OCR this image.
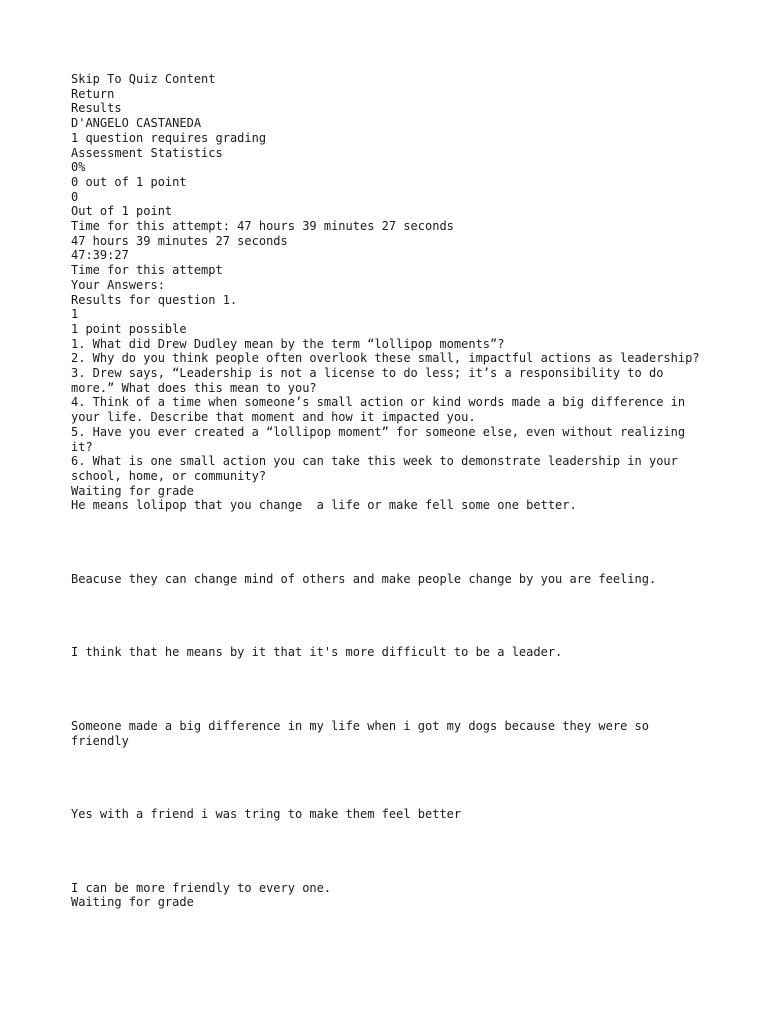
Skip To Quiz Content
Return
Results
D'ANGELO CASTANEDA
1 question requires grading
Assessment Statistics
0%
0 out of 1 point
0
Out of 1 point
Time for this attempt: 47 hours 39 minutes 27 seconds
47 hours 39 minutes 27 seconds
47:39:27
Time for this attempt
Your Answers:
Results for question 1.
1
1 point possible
1. What did Drew Dudley mean by the term “lollipop moments”?
2. Why do you think people often overlook these small, impactful actions as leadership?
3. Drew says, “Leadership is not a license to do less; it’s a responsibility to do more.” What does this mean to you?
4. Think of a time when someone’s small action or kind words made a big difference in your life. Describe that moment and how it impacted you.
5. Have you ever created a “lollipop moment” for someone else, even without realizing it?
6. What is one small action you can take this week to demonstrate leadership in your school, home, or community?
Waiting for grade
He means lolipop that you change  a life or make fell some one better.
Beacuse they can change mind of others and make people change by you are feeling.
I think that he means by it that it's more difficult to be a leader.
Someone made a big difference in my life when i got my dogs because they were so friendly
Yes with a friend i was tring to make them feel better
I can be more friendly to every one.
Waiting for grade
